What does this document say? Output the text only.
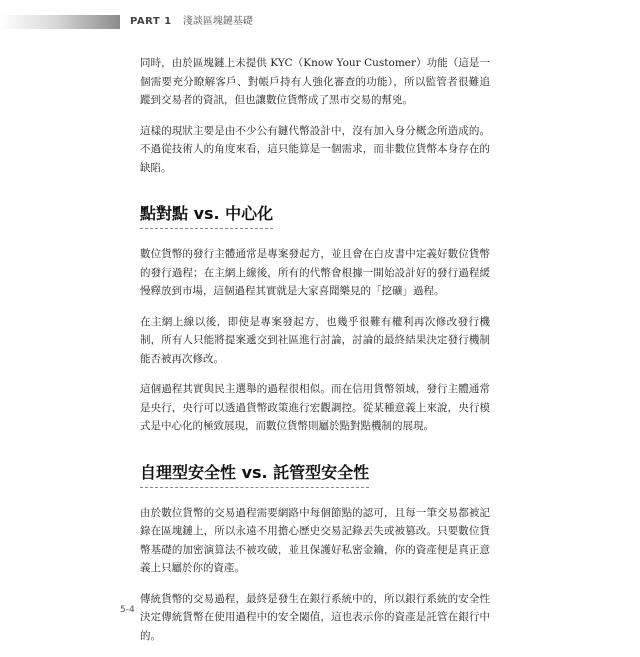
PART 1 淺談區塊鏈基礎

同時，由於區塊鏈上未提供 KYC（Know Your Customer）功能（這是一個需要充分瞭解客戶、對帳戶持有人強化審查的功能），所以監管者很難追蹤到交易者的資訊，但也讓數位貨幣成了黑市交易的幫兇。

這樣的現狀主要是由不少公有鏈代幣設計中，沒有加入身分概念所造成的。不過從技術人的角度來看，這只能算是一個需求，而非數位貨幣本身存在的缺陷。

點對點 vs. 中心化

數位貨幣的發行主體通常是專案發起方，並且會在白皮書中定義好數位貨幣的發行過程；在主網上線後，所有的代幣會根據一開始設計好的發行過程緩慢釋放到市場，這個過程其實就是大家喜聞樂見的「挖礦」過程。

在主網上線以後，即使是專案發起方，也幾乎很難有權利再次修改發行機制，所有人只能將提案遞交到社區進行討論，討論的最終結果決定發行機制能否被再次修改。

這個過程其實與民主選舉的過程很相似。而在信用貨幣領域，發行主體通常是央行，央行可以透過貨幣政策進行宏觀調控。從某種意義上來說，央行模式是中心化的極致展現，而數位貨幣則屬於點對點機制的展現。

自理型安全性 vs. 託管型安全性

由於數位貨幣的交易過程需要網路中每個節點的認可，且每一筆交易都被記錄在區塊鏈上，所以永遠不用擔心歷史交易記錄丟失或被篡改。只要數位貨幣基礎的加密演算法不被攻破，並且保護好私密金鑰，你的資產便是真正意義上只屬於你的資產。

傳統貨幣的交易過程，最終是發生在銀行系統中的，所以銀行系統的安全性決定傳統貨幣在使用過程中的安全閾值，這也表示你的資產是託管在銀行中的。

5-4
